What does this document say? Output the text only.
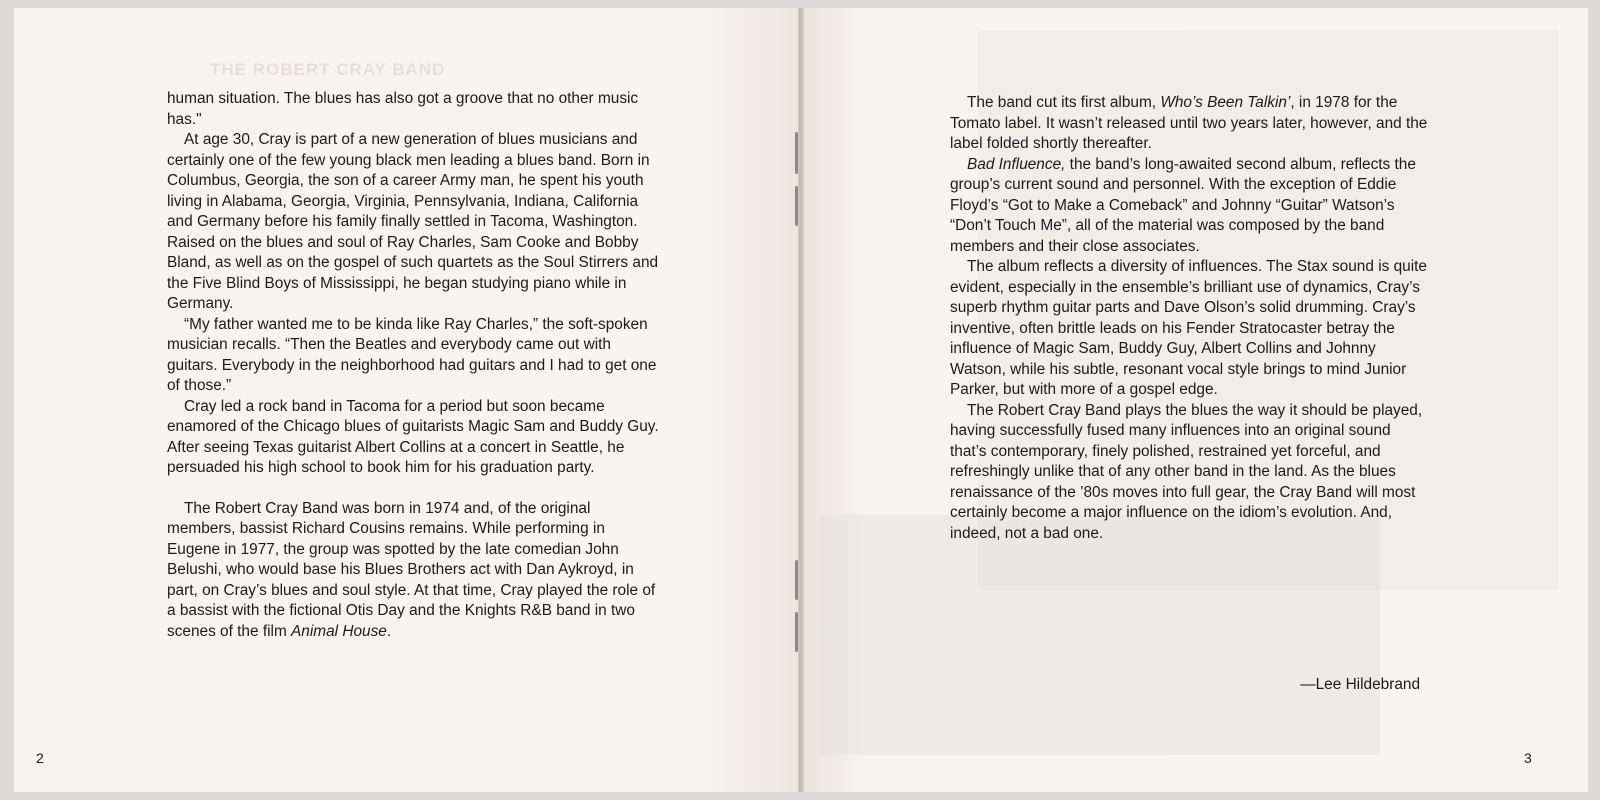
THE ROBERT CRAY BAND

human situation. The blues has also got a groove that no other music has."

At age 30, Cray is part of a new generation of blues musicians and certainly one of the few young black men leading a blues band. Born in Columbus, Georgia, the son of a career Army man, he spent his youth living in Alabama, Georgia, Virginia, Pennsylvania, Indiana, California and Germany before his family finally settled in Tacoma, Washington. Raised on the blues and soul of Ray Charles, Sam Cooke and Bobby Bland, as well as on the gospel of such quartets as the Soul Stirrers and the Five Blind Boys of Mississippi, he began studying piano while in Germany.

“My father wanted me to be kinda like Ray Charles,” the soft-spoken musician recalls. “Then the Beatles and everybody came out with guitars. Everybody in the neighborhood had guitars and I had to get one of those.”

Cray led a rock band in Tacoma for a period but soon became enamored of the Chicago blues of guitarists Magic Sam and Buddy Guy. After seeing Texas guitarist Albert Collins at a concert in Seattle, he persuaded his high school to book him for his graduation party.

The Robert Cray Band was born in 1974 and, of the original members, bassist Richard Cousins remains. While performing in Eugene in 1977, the group was spotted by the late comedian John Belushi, who would base his Blues Brothers act with Dan Aykroyd, in part, on Cray’s blues and soul style. At that time, Cray played the role of a bassist with the fictional Otis Day and the Knights R&B band in two scenes of the film Animal House.

The band cut its first album, Who’s Been Talkin’, in 1978 for the Tomato label. It wasn’t released until two years later, however, and the label folded shortly thereafter.

Bad Influence, the band’s long-awaited second album, reflects the group’s current sound and personnel. With the exception of Eddie Floyd’s “Got to Make a Comeback” and Johnny “Guitar” Watson’s “Don’t Touch Me”, all of the material was composed by the band members and their close associates.

The album reflects a diversity of influences. The Stax sound is quite evident, especially in the ensemble’s brilliant use of dynamics, Cray’s superb rhythm guitar parts and Dave Olson’s solid drumming. Cray’s inventive, often brittle leads on his Fender Stratocaster betray the influence of Magic Sam, Buddy Guy, Albert Collins and Johnny Watson, while his subtle, resonant vocal style brings to mind Junior Parker, but with more of a gospel edge.

The Robert Cray Band plays the blues the way it should be played, having successfully fused many influences into an original sound that’s contemporary, finely polished, restrained yet forceful, and refreshingly unlike that of any other band in the land. As the blues renaissance of the ’80s moves into full gear, the Cray Band will most certainly become a major influence on the idiom’s evolution. And, indeed, not a bad one.

—Lee Hildebrand
2	3
